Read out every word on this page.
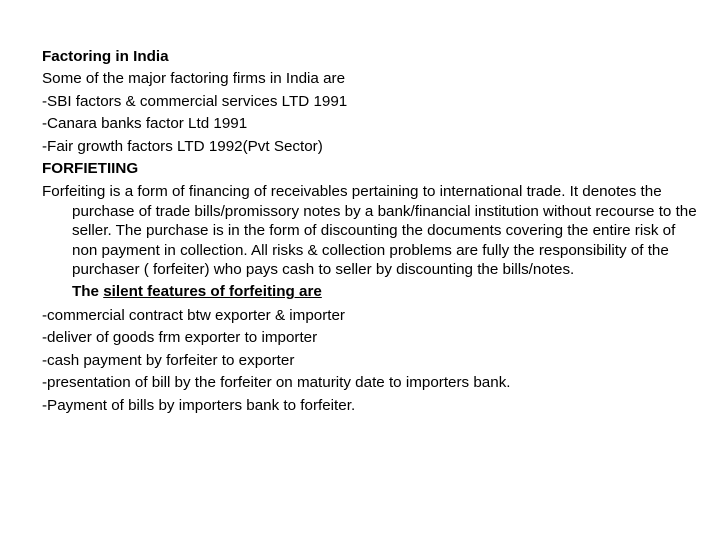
Factoring in India
Some of the major factoring firms in India are
-SBI factors & commercial services LTD 1991
-Canara banks factor Ltd 1991
-Fair growth factors LTD 1992(Pvt Sector)
FORFIETIING
Forfeiting is a form of financing of receivables pertaining to international trade. It denotes the purchase of trade bills/promissory notes by a bank/financial institution without recourse to the seller. The purchase is in the form of discounting the documents covering the entire risk of non payment in collection. All risks & collection problems are fully the responsibility of the purchaser ( forfeiter) who pays cash to seller by discounting the bills/notes.
The silent features of forfeiting are
-commercial contract btw exporter & importer
-deliver of goods frm exporter to importer
-cash payment by forfeiter to exporter
-presentation of bill by the forfeiter on maturity date to importers bank.
-Payment of bills by importers bank to forfeiter.
